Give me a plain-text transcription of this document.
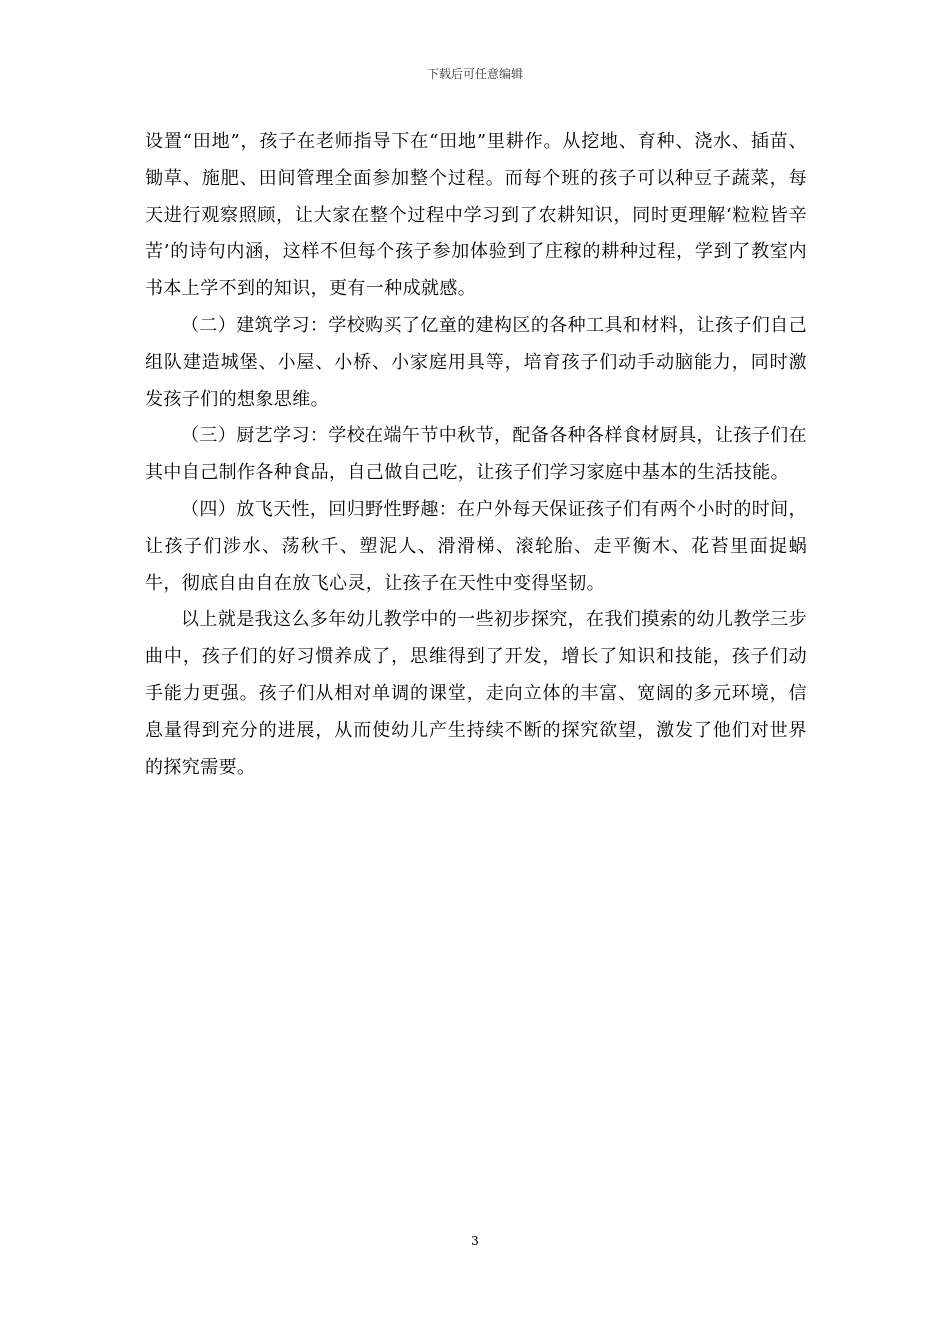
下载后可任意编辑

设置“田地”，孩子在老师指导下在“田地”里耕作。从挖地、育种、浇水、插苗、锄草、施肥、田间管理全面参加整个过程。而每个班的孩子可以种豆子蔬菜，每天进行观察照顾，让大家在整个过程中学习到了农耕知识，同时更理解‘粒粒皆辛苦’的诗句内涵，这样不但每个孩子参加体验到了庄稼的耕种过程，学到了教室内书本上学不到的知识，更有一种成就感。

（二）建筑学习：学校购买了亿童的建构区的各种工具和材料，让孩子们自己组队建造城堡、小屋、小桥、小家庭用具等，培育孩子们动手动脑能力，同时激发孩子们的想象思维。

（三）厨艺学习：学校在端午节中秋节，配备各种各样食材厨具，让孩子们在其中自己制作各种食品，自己做自己吃，让孩子们学习家庭中基本的生活技能。

（四）放飞天性，回归野性野趣：在户外每天保证孩子们有两个小时的时间，让孩子们涉水、荡秋千、塑泥人、滑滑梯、滚轮胎、走平衡木、花苔里面捉蜗牛，彻底自由自在放飞心灵，让孩子在天性中变得坚韧。

以上就是我这么多年幼儿教学中的一些初步探究，在我们摸索的幼儿教学三步曲中，孩子们的好习惯养成了，思维得到了开发，增长了知识和技能，孩子们动手能力更强。孩子们从相对单调的课堂，走向立体的丰富、宽阔的多元环境，信息量得到充分的进展，从而使幼儿产生持续不断的探究欲望，激发了他们对世界的探究需要。

3
